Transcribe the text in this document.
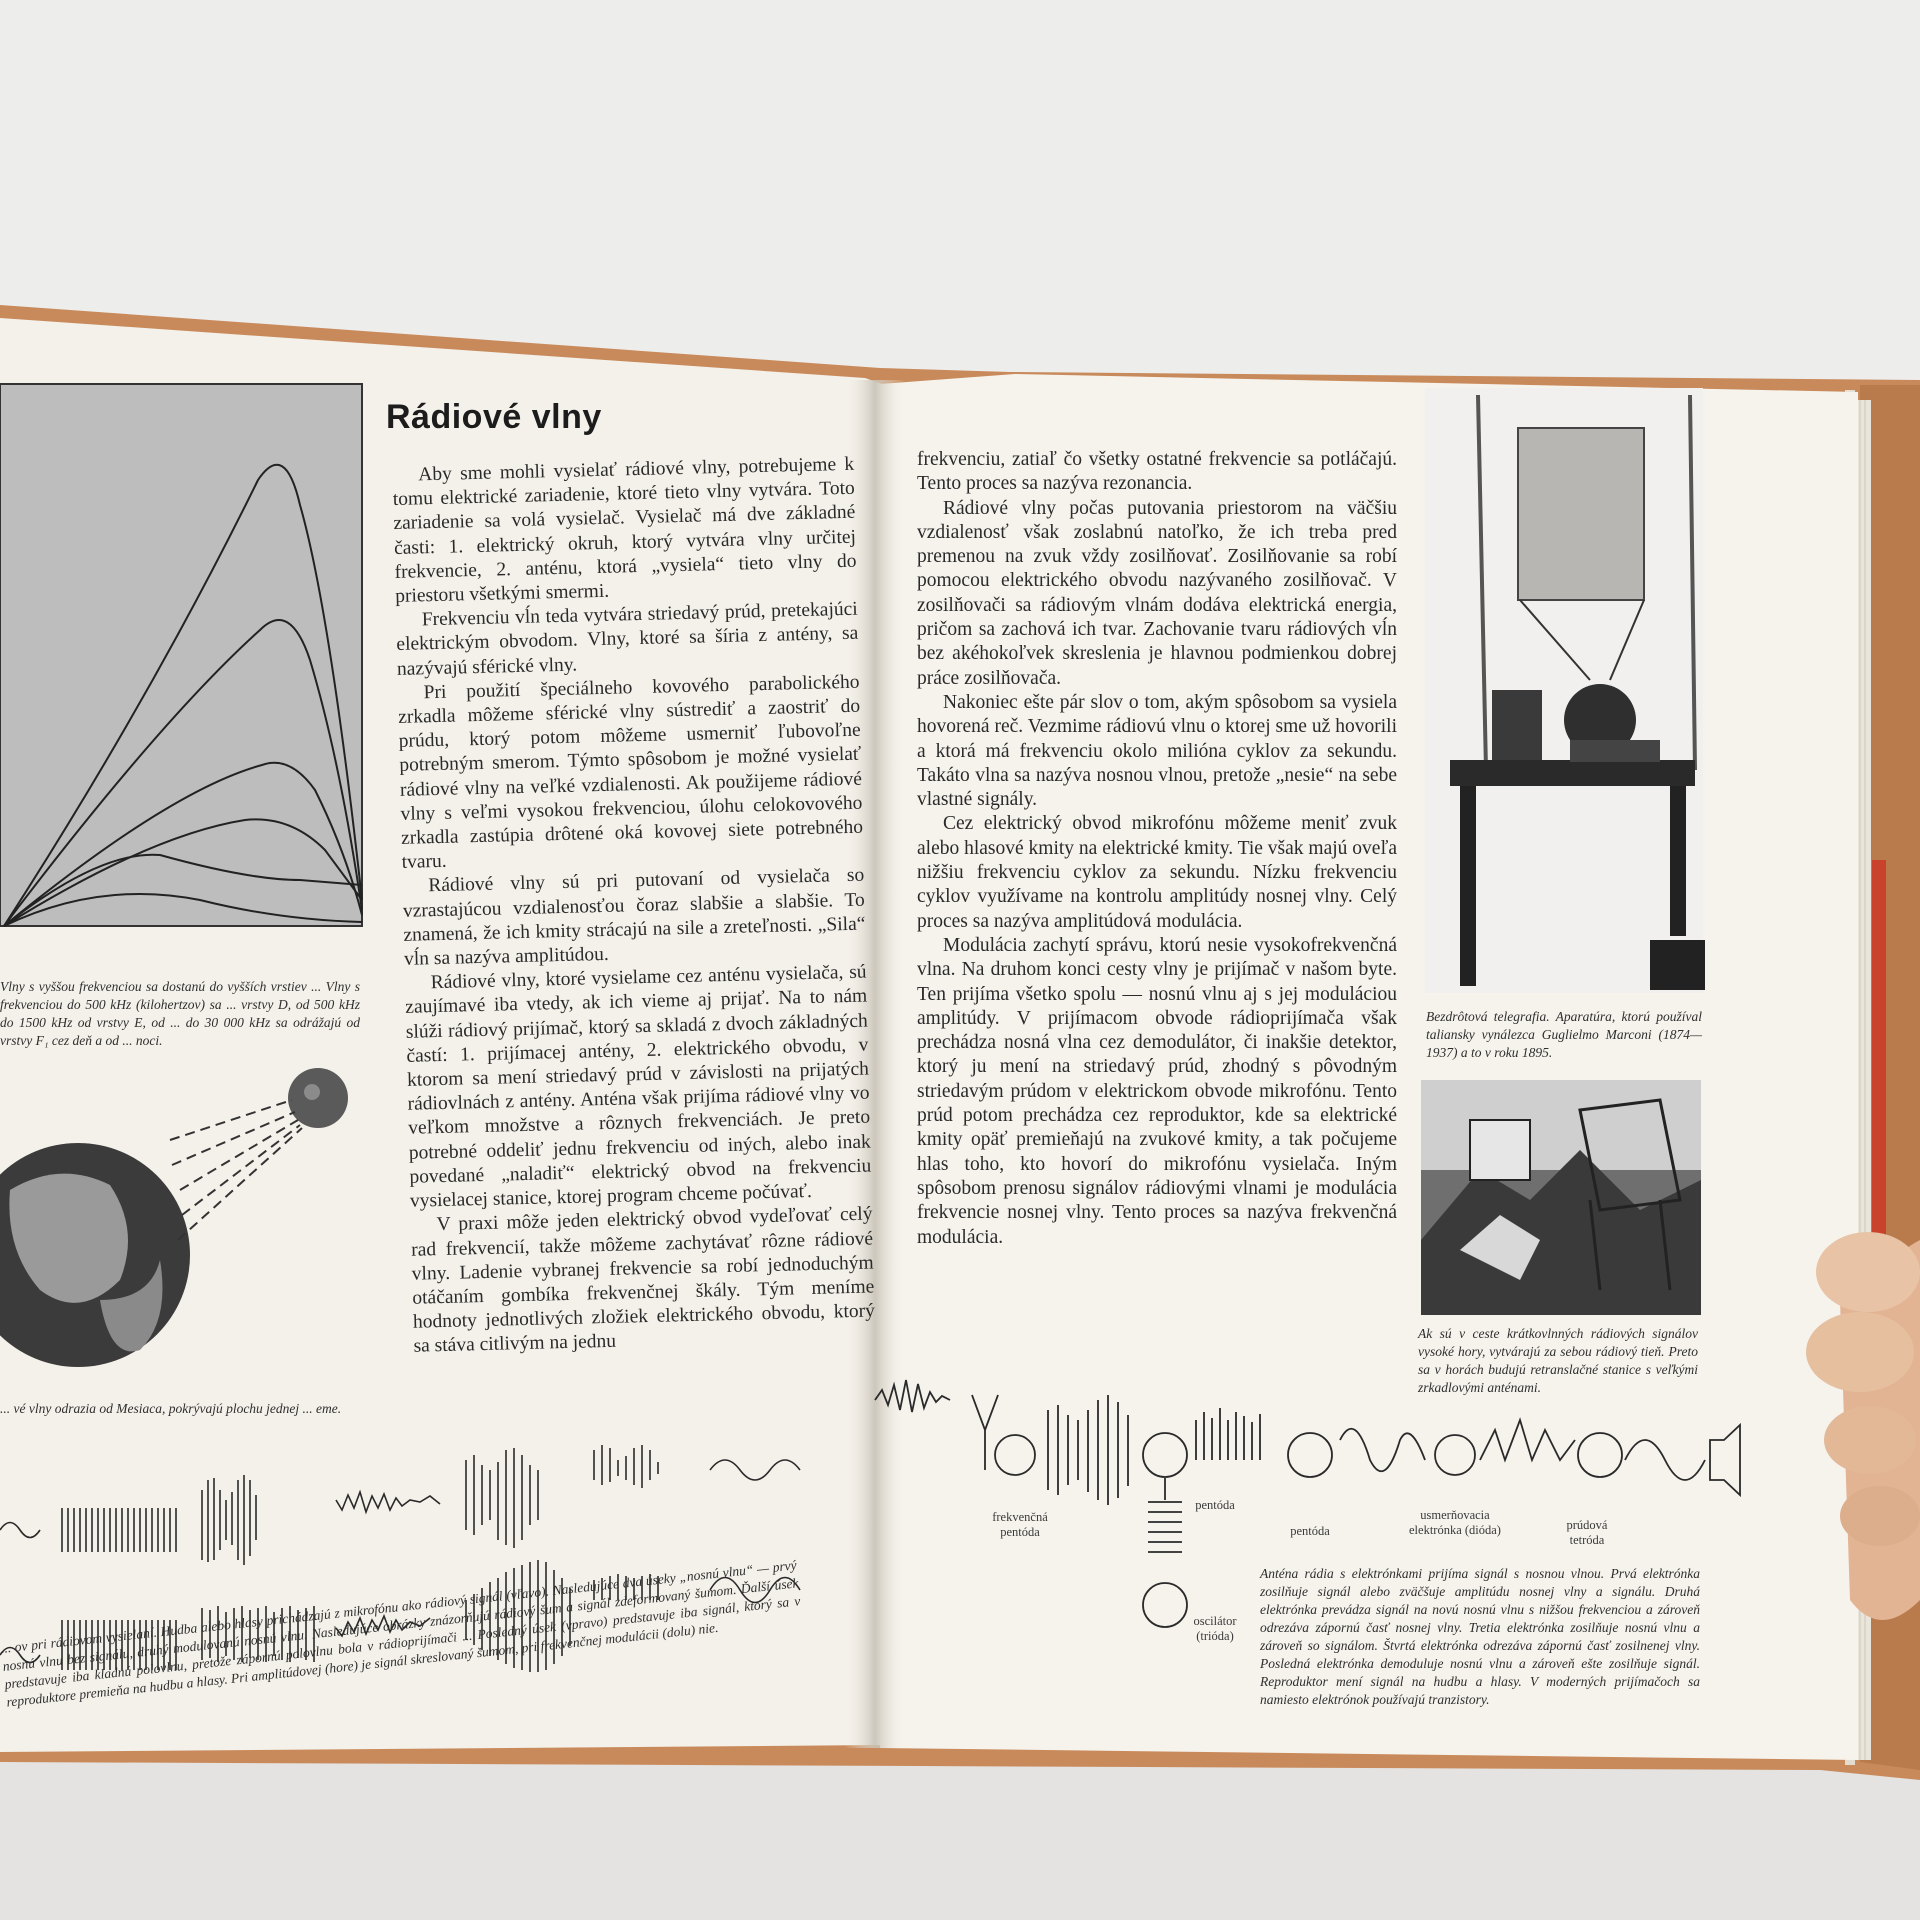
Rádiové vlny

Aby sme mohli vysielať rádiové vlny, potrebujeme k tomu elektrické zariadenie, ktoré tieto vlny vytvára. Toto zariadenie sa volá vysielač. Vysielač má dve základné časti: 1. elektrický okruh, ktorý vytvára vlny určitej frekvencie, 2. anténu, ktorá „vysiela“ tieto vlny do priestoru všetkými smermi.

Frekvenciu vĺn teda vytvára striedavý prúd, pretekajúci elektrickým obvodom. Vlny, ktoré sa šíria z antény, sa nazývajú sférické vlny.

Pri použití špeciálneho kovového parabolického zrkadla môžeme sférické vlny sústrediť a zaostriť do prúdu, ktorý potom môžeme usmerniť ľubovoľne potrebným smerom. Týmto spôsobom je možné vysielať rádiové vlny na veľké vzdialenosti. Ak použijeme rádiové vlny s veľmi vysokou frekvenciou, úlohu celokovového zrkadla zastúpia drôtené oká kovovej siete potrebného tvaru.

Rádiové vlny sú pri putovaní od vysielača so vzrastajúcou vzdialenosťou čoraz slabšie a slabšie. To znamená, že ich kmity strácajú na sile a zreteľnosti. „Sila“ vĺn sa nazýva amplitúdou.

Rádiové vlny, ktoré vysielame cez anténu vysielača, sú zaujímavé iba vtedy, ak ich vieme aj prijať. Na to nám slúži rádiový prijímač, ktorý sa skladá z dvoch základných častí: 1. prijímacej antény, 2. elektrického obvodu, v ktorom sa mení striedavý prúd v závislosti na prijatých rádiovlnách z antény. Anténa však prijíma rádiové vlny vo veľkom množstve a rôznych frekvenciách. Je preto potrebné oddeliť jednu frekvenciu od iných, alebo inak povedané „naladiť“ elektrický obvod na frekvenciu vysielacej stanice, ktorej program chceme počúvať.

V praxi môže jeden elektrický obvod vydeľovať celý rad frekvencií, takže môžeme zachytávať rôzne rádiové vlny. Ladenie vybranej frekvencie sa robí jednoduchým otáčaním gombíka frekvenčnej škály. Tým meníme hodnoty jednotlivých zložiek elektrického obvodu, ktorý sa stáva citlivým na jednu

frekvenciu, zatiaľ čo všetky ostatné frekvencie sa potláčajú. Tento proces sa nazýva rezonancia.

Rádiové vlny počas putovania priestorom na väčšiu vzdialenosť však zoslabnú natoľko, že ich treba pred premenou na zvuk vždy zosilňovať. Zosilňovanie sa robí pomocou elektrického obvodu nazývaného zosilňovač. V zosilňovači sa rádiovým vlnám dodáva elektrická energia, pričom sa zachová ich tvar. Zachovanie tvaru rádiových vĺn bez akéhokoľvek skreslenia je hlavnou podmienkou dobrej práce zosilňovača.

Nakoniec ešte pár slov o tom, akým spôsobom sa vysiela hovorená reč. Vezmime rádiovú vlnu o ktorej sme už hovorili a ktorá má frekvenciu okolo milióna cyklov za sekundu. Takáto vlna sa nazýva nosnou vlnou, pretože „nesie“ na sebe vlastné signály.

Cez elektrický obvod mikrofónu môžeme meniť zvuk alebo hlasové kmity na elektrické kmity. Tie však majú oveľa nižšiu frekvenciu cyklov za sekundu. Nízku frekvenciu cyklov využívame na kontrolu amplitúdy nosnej vlny. Celý proces sa nazýva amplitúdová modulácia.

Modulácia zachytí správu, ktorú nesie vysokofrekvenčná vlna. Na druhom konci cesty vlny je prijímač v našom byte. Ten prijíma všetko spolu — nosnú vlnu aj s jej moduláciou amplitúdy. V prijímacom obvode rádioprijímača však prechádza nosná vlna cez demodulátor, či inakšie detektor, ktorý ju mení na striedavý prúd, zhodný s pôvodným striedavým prúdom v elektrickom obvode mikrofónu. Tento prúd potom prechádza cez reproduktor, kde sa elektrické kmity opäť premieňajú na zvukové kmity, a tak počujeme hlas toho, kto hovorí do mikrofónu vysielača. Iným spôsobom prenosu signálov rádiovými vlnami je modulácia frekvencie nosnej vlny. Tento proces sa nazýva frekvenčná modulácia.

Vlny s vyššou frekvenciou sa dostanú do vyšších vrstiev ... Vlny s frekvenciou do 500 kHz (kilohertzov) sa ... vrstvy D, od 500 kHz do 1500 kHz od vrstvy E, od ... do 30 000 kHz sa odrážajú od vrstvy F₁ cez deň a od ... noci.
... vé vlny odrazia od Mesiaca, pokrývajú plochu jednej ... eme.
... ov pri rádiovom vysielaní. Hudba alebo hlasy prichádzajú z mikrofónu ako rádiový signál (vľavo). Nasledujúce dva úseky „nosnú vlnu“ — prvý nosnú vlnu bez signálu, druhý modulovanú nosnú vlnu. Nasledujúce obrázky znázorňujú rádiový šum a signál zdeformovaný šumom. Ďalší úsek predstavuje iba kladnú polovlnu, pretože zápornú polovlnu bola v rádioprijímači ... Posledný úsek (vpravo) predstavuje iba signál, ktorý sa v reproduktore premieňa na hudbu a hlasy. Pri amplitúdovej (hore) je signál skreslovaný šumom, pri frekvenčnej modulácii (dolu) nie.
Bezdrôtová telegrafia. Aparatúra, ktorú používal taliansky vynálezca Guglielmo Marconi (1874—1937) a to v roku 1895.
Ak sú v ceste krátkovlnných rádiových signálov vysoké hory, vytvárajú za sebou rádiový tieň. Preto sa v horách budujú retranslačné stanice s veľkými zrkadlovými anténami.
Anténa rádia s elektrónkami prijíma signál s nosnou vlnou. Prvá elektrónka zosilňuje signál alebo zväčšuje amplitúdu nosnej vlny a signálu. Druhá elektrónka prevádza signál na novú nosnú vlnu s nižšou frekvenciou a zároveň odrezáva zápornú časť nosnej vlny. Tretia elektrónka zosilňuje nosnú vlnu a zároveň so signálom. Štvrtá elektrónka odrezáva zápornú časť zosilnenej vlny. Posledná elektrónka demoduluje nosnú vlnu a zároveň ešte zosilňuje signál. Reproduktor mení signál na hudbu a hlasy. V moderných prijímačoch sa namiesto elektrónok používajú tranzistory.
frekvenčná pentóda
pentóda
pentóda
usmerňovacia elektrónka (dióda)	prúdová tetróda
oscilátor (trióda)
